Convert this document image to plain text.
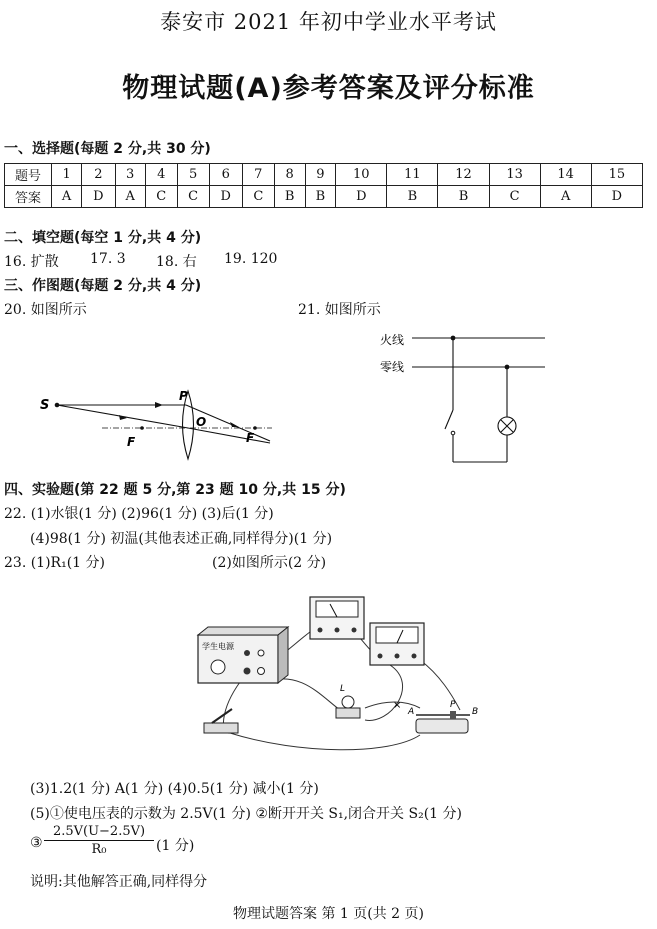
泰安市 2021 年初中学业水平考试
物理试题(A)参考答案及评分标准
一、选择题(每题 2 分,共 30 分)
题号	1	2	3	4	5	6	7	8	9	10	11	12	13	14	15
答案	A	D	A	C	C	D	C	B	B	D	B	B	C	A	D
二、填空题(每空 1 分,共 4 分)
16. 扩散 17. 3 18. 右 19. 120
三、作图题(每题 2 分,共 4 分)
20. 如图所示	21. 如图所示
S
P
O
F	F
火线
零线
四、实验题(第 22 题 5 分,第 23 题 10 分,共 15 分)
22. (1)水银(1 分) (2)96(1 分) (3)后(1 分)
(4)98(1 分) 初温(其他表述正确,同样得分)(1 分)
23. (1)R₁(1 分)	(2)如图所示(2 分)
×
学生电源
L
A
P
B
(3)1.2(1 分) A(1 分) (4)0.5(1 分) 减小(1 分)
(5)①使电压表的示数为 2.5V(1 分) ②断开开关 S₁,闭合开关 S₂(1 分)
③ $\frac{2.5V(U-2.5V)}{\text{R₀}} (1$ 分)
说明:其他解答正确,同样得分
物理试题答案 第 1 页(共 2 页)
